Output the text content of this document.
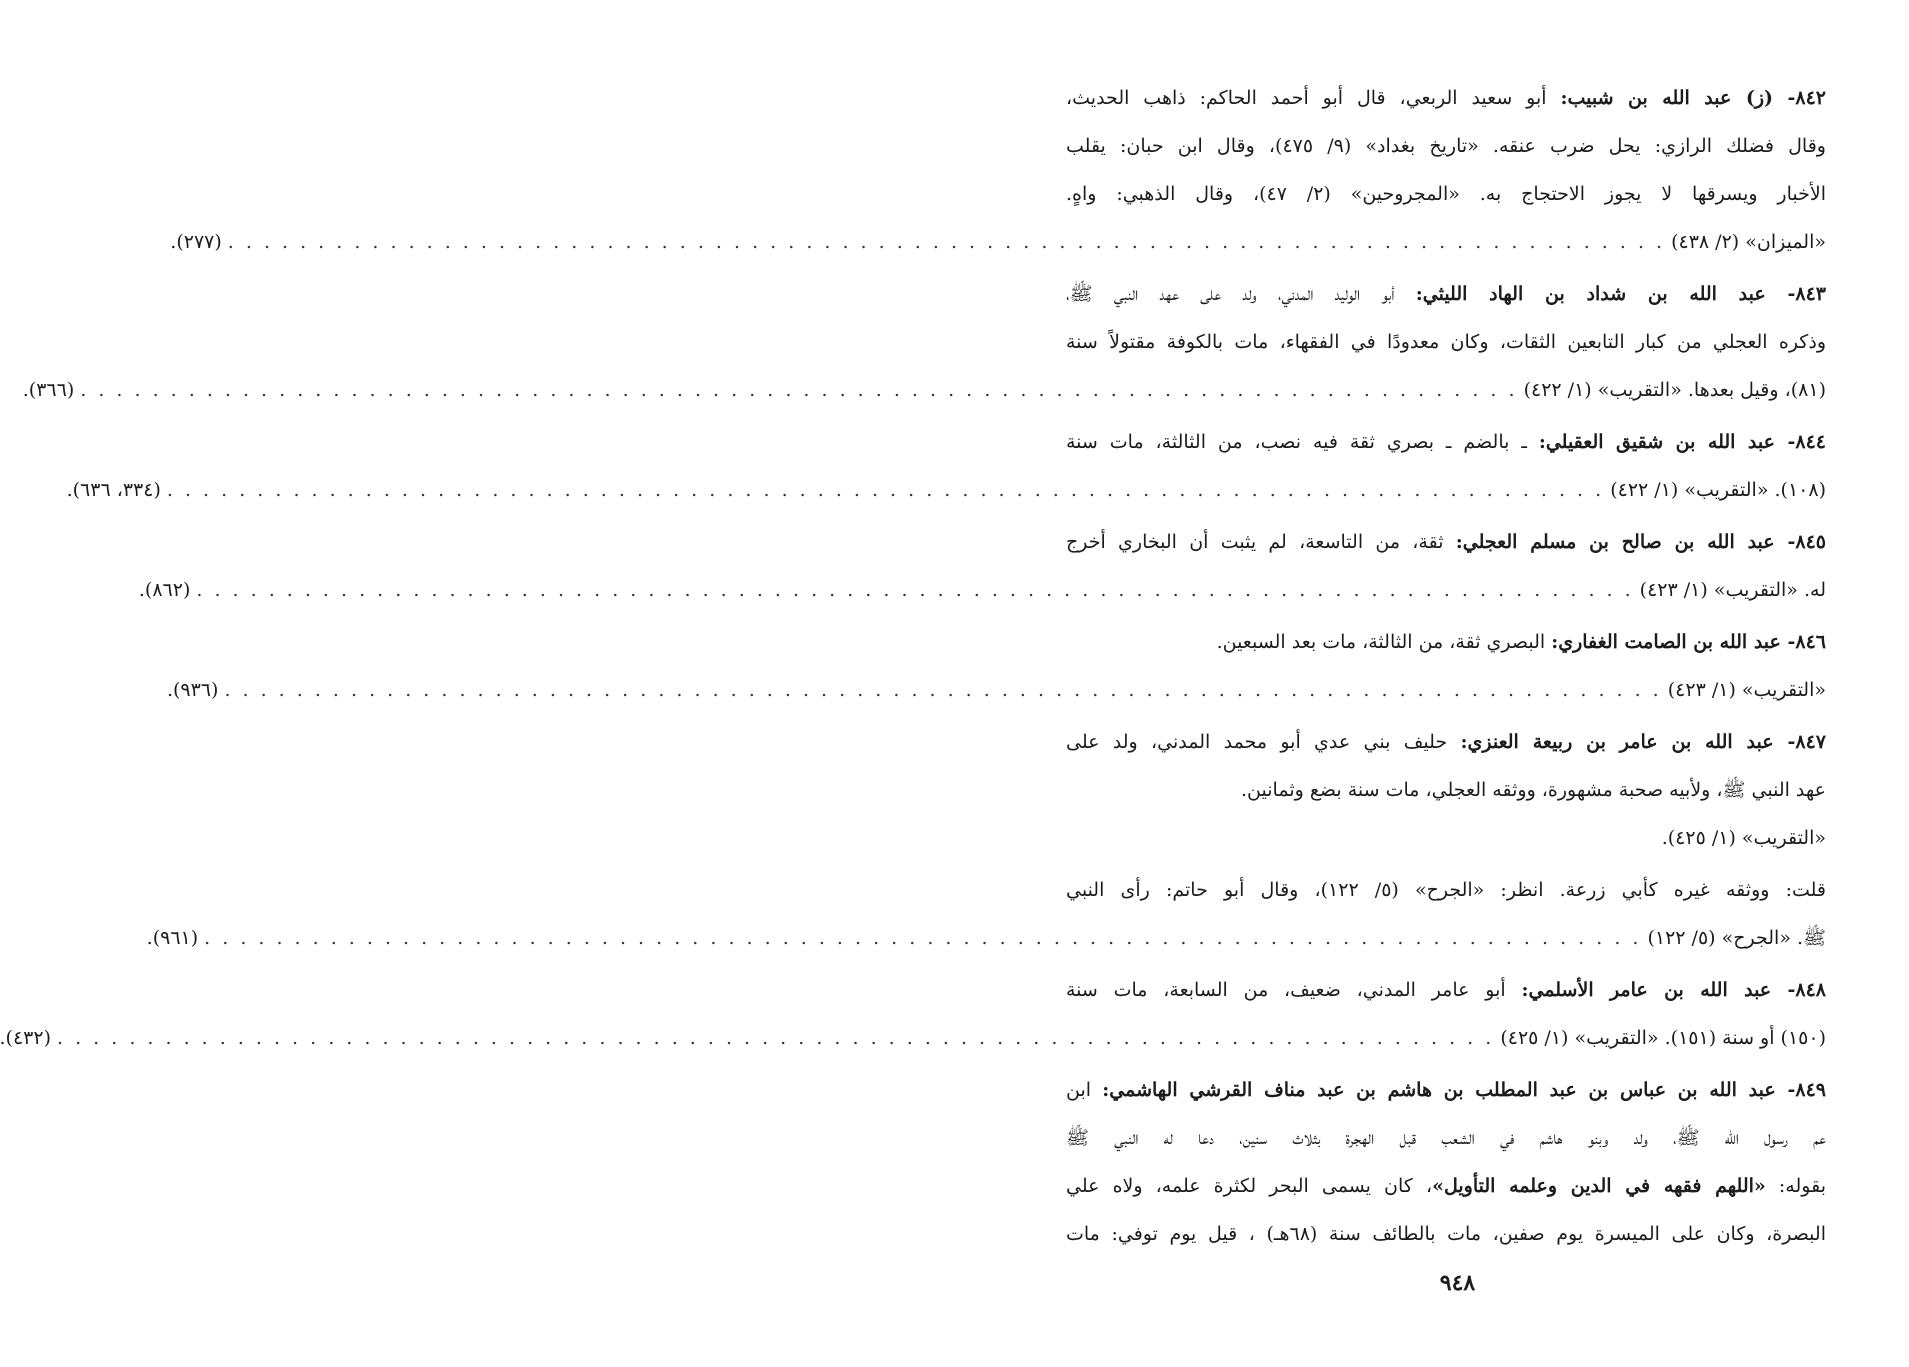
٨٤٢- (ز) عبد الله بن شبيب: أبو سعيد الربعي، قال أبو أحمد الحاكم: ذاهب الحديث،
وقال فضلك الرازي: يحل ضرب عنقه. «تاريخ بغداد» (٩/ ٤٧٥)، وقال ابن حبان: يقلب
الأخبار ويسرقها لا يجوز الاحتجاج به. «المجروحين» (٢/ ٤٧)، وقال الذهبي: واهٍ.
«الميزان» (٢/ ٤٣٨)
. . . . . . . . . . . . . . . . . . . . . . . . . . . . . . . . . . . . . . . . . . . . . . . . . . . . . . . . . . . . . . . . . . . . . . . . . . . . . . . .
(٢٧٧).
٨٤٣- عبد الله بن شداد بن الهاد الليثي: أبو الوليد المدني، ولد على عهد النبي ﷺ،
وذكره العجلي من كبار التابعين الثقات، وكان معدودًا في الفقهاء، مات بالكوفة مقتولاً سنة
(٨١)، وقيل بعدها. «التقريب» (١/ ٤٢٢)
. . . . . . . . . . . . . . . . . . . . . . . . . . . . . . . . . . . . . . . . . . . . . . . . . . . . . . . . . . . . . . . . . . . . . . . . . . . . . . . .
(٣٦٦).
٨٤٤- عبد الله بن شقيق العقيلي: ـ بالضم ـ بصري ثقة فيه نصب، من الثالثة، مات سنة
(١٠٨). «التقريب» (١/ ٤٢٢)
. . . . . . . . . . . . . . . . . . . . . . . . . . . . . . . . . . . . . . . . . . . . . . . . . . . . . . . . . . . . . . . . . . . . . . . . . . . . . . . .
(٣٣٤، ٦٣٦).
٨٤٥- عبد الله بن صالح بن مسلم العجلي: ثقة، من التاسعة، لم يثبت أن البخاري أخرج
له. «التقريب» (١/ ٤٢٣)
. . . . . . . . . . . . . . . . . . . . . . . . . . . . . . . . . . . . . . . . . . . . . . . . . . . . . . . . . . . . . . . . . . . . . . . . . . . . . . . .
(٨٦٢).
٨٤٦- عبد الله بن الصامت الغفاري: البصري ثقة، من الثالثة، مات بعد السبعين.
«التقريب» (١/ ٤٢٣)
. . . . . . . . . . . . . . . . . . . . . . . . . . . . . . . . . . . . . . . . . . . . . . . . . . . . . . . . . . . . . . . . . . . . . . . . . . . . . . . .
(٩٣٦).
٨٤٧- عبد الله بن عامر بن ربيعة العنزي: حليف بني عدي أبو محمد المدني، ولد على
عهد النبي ﷺ، ولأبيه صحبة مشهورة، ووثقه العجلي، مات سنة بضع وثمانين.
«التقريب» (١/ ٤٢٥).
قلت: ووثقه غيره كأبي زرعة. انظر: «الجرح» (٥/ ١٢٢)، وقال أبو حاتم: رأى النبي
ﷺ. «الجرح» (٥/ ١٢٢)
. . . . . . . . . . . . . . . . . . . . . . . . . . . . . . . . . . . . . . . . . . . . . . . . . . . . . . . . . . . . . . . . . . . . . . . . . . . . . . . .
(٩٦١).
٨٤٨- عبد الله بن عامر الأسلمي: أبو عامر المدني، ضعيف، من السابعة، مات سنة
(١٥٠) أو سنة (١٥١). «التقريب» (١/ ٤٢٥)
. . . . . . . . . . . . . . . . . . . . . . . . . . . . . . . . . . . . . . . . . . . . . . . . . . . . . . . . . . . . . . . . . . . . . . . . . . . . . . . .
(٤٣٢).
٨٤٩- عبد الله بن عباس بن عبد المطلب بن هاشم بن عبد مناف القرشي الهاشمي: ابن
عم رسول الله ﷺ، ولد وبنو هاشم في الشعب قبل الهجرة بثلاث سنين، دعا له النبي ﷺ
بقوله: «اللهم فقهه في الدين وعلمه التأويل»، كان يسمى البحر لكثرة علمه، ولاه علي
البصرة، وكان على الميسرة يوم صفين، مات بالطائف سنة (٦٨هـ) ، قيل يوم توفي: مات
٩٤٨
